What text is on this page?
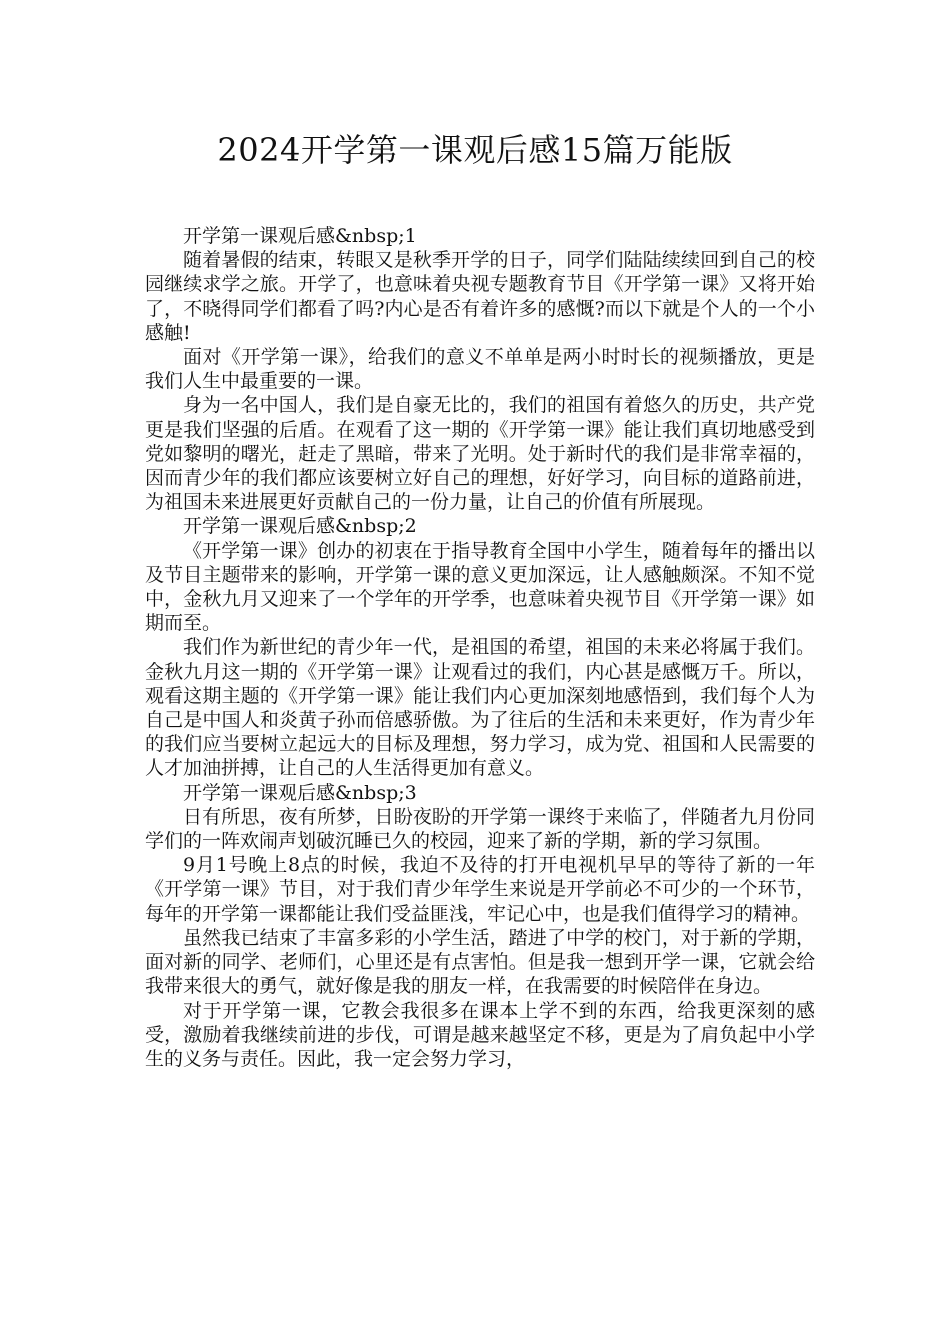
2024开学第一课观后感15篇万能版

开学第一课观后感&nbsp;1

随着暑假的结束，转眼又是秋季开学的日子，同学们陆陆续续回到自己的校园继续求学之旅。开学了，也意味着央视专题教育节目《开学第一课》又将开始了，不晓得同学们都看了吗?内心是否有着许多的感慨?而以下就是个人的一个小感触!

面对《开学第一课》，给我们的意义不单单是两小时时长的视频播放，更是我们人生中最重要的一课。

身为一名中国人，我们是自豪无比的，我们的祖国有着悠久的历史，共产党更是我们坚强的后盾。在观看了这一期的《开学第一课》能让我们真切地感受到党如黎明的曙光，赶走了黑暗，带来了光明。处于新时代的我们是非常幸福的，因而青少年的我们都应该要树立好自己的理想，好好学习，向目标的道路前进，为祖国未来进展更好贡献自己的一份力量，让自己的价值有所展现。

开学第一课观后感&nbsp;2

《开学第一课》创办的初衷在于指导教育全国中小学生，随着每年的播出以及节目主题带来的影响，开学第一课的意义更加深远，让人感触颇深。不知不觉中，金秋九月又迎来了一个学年的开学季，也意味着央视节目《开学第一课》如期而至。

我们作为新世纪的青少年一代，是祖国的希望，祖国的未来必将属于我们。金秋九月这一期的《开学第一课》让观看过的我们，内心甚是感慨万千。所以，观看这期主题的《开学第一课》能让我们内心更加深刻地感悟到，我们每个人为自己是中国人和炎黄子孙而倍感骄傲。为了往后的生活和未来更好，作为青少年的我们应当要树立起远大的目标及理想，努力学习，成为党、祖国和人民需要的人才加油拼搏，让自己的人生活得更加有意义。

开学第一课观后感&nbsp;3

日有所思，夜有所梦，日盼夜盼的开学第一课终于来临了，伴随者九月份同学们的一阵欢闹声划破沉睡已久的校园，迎来了新的学期，新的学习氛围。

9月1号晚上8点的时候，我迫不及待的打开电视机早早的等待了新的一年《开学第一课》节目，对于我们青少年学生来说是开学前必不可少的一个环节，每年的开学第一课都能让我们受益匪浅，牢记心中，也是我们值得学习的精神。

虽然我已结束了丰富多彩的小学生活，踏进了中学的校门，对于新的学期，面对新的同学、老师们，心里还是有点害怕。但是我一想到开学一课，它就会给我带来很大的勇气，就好像是我的朋友一样，在我需要的时候陪伴在身边。

对于开学第一课，它教会我很多在课本上学不到的东西，给我更深刻的感受，激励着我继续前进的步伐，可谓是越来越坚定不移，更是为了肩负起中小学生的义务与责任。因此，我一定会努力学习，
